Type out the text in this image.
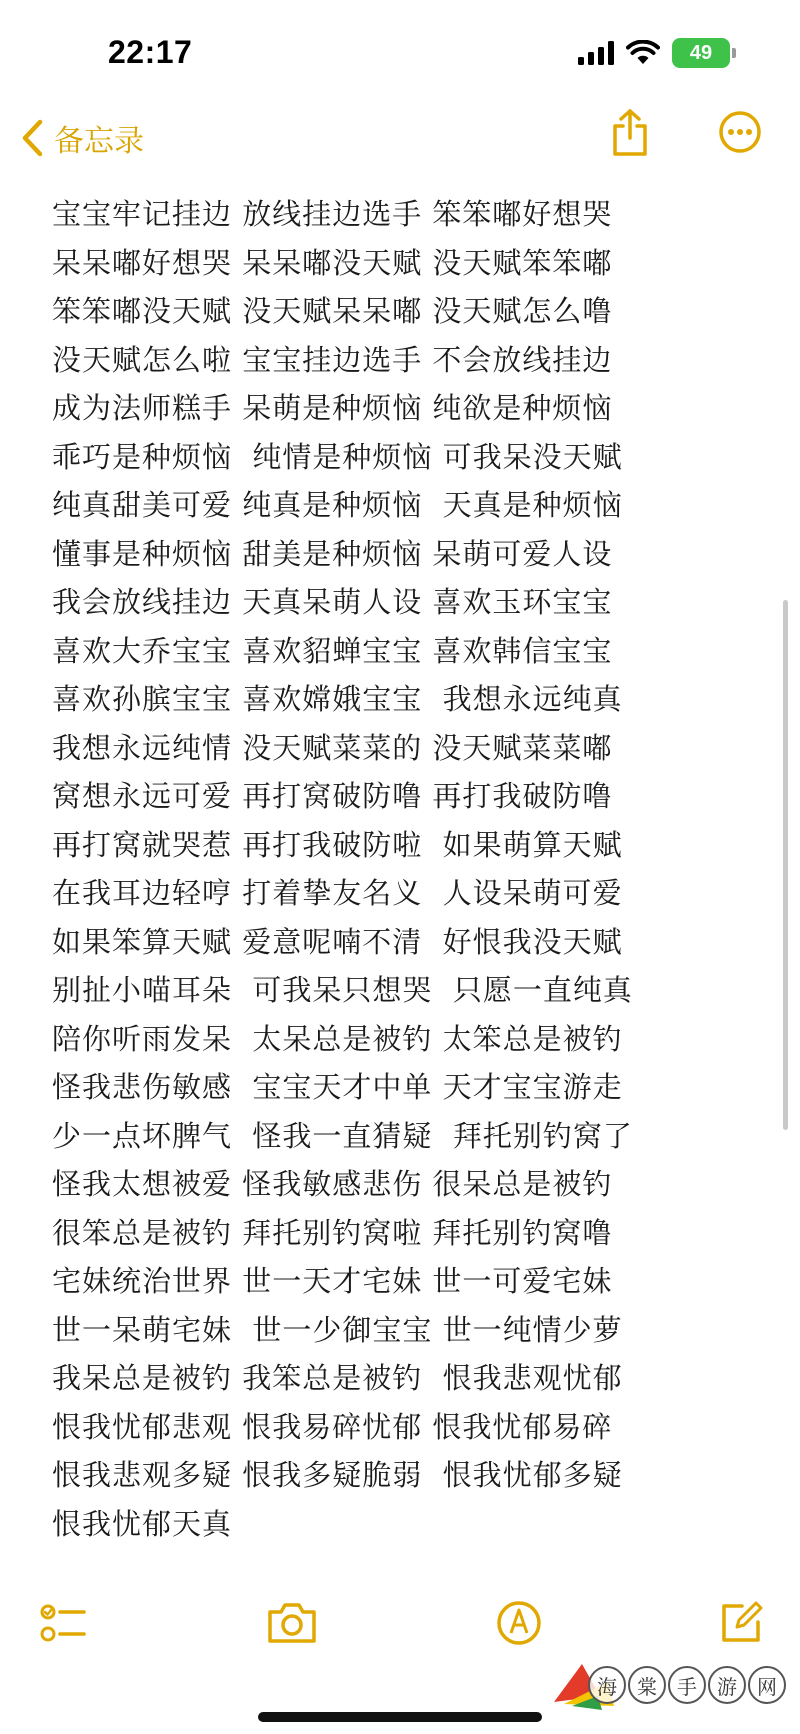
22:17	49
备忘录
宝宝牢记挂边 放线挂边选手 笨笨嘟好想哭
呆呆嘟好想哭 呆呆嘟没天赋 没天赋笨笨嘟
笨笨嘟没天赋 没天赋呆呆嘟 没天赋怎么噜
没天赋怎么啦 宝宝挂边选手 不会放线挂边
成为法师糕手 呆萌是种烦恼 纯欲是种烦恼
乖巧是种烦恼  纯情是种烦恼 可我呆没天赋
纯真甜美可爱 纯真是种烦恼  天真是种烦恼
懂事是种烦恼 甜美是种烦恼 呆萌可爱人设
我会放线挂边 天真呆萌人设 喜欢玉环宝宝
喜欢大乔宝宝 喜欢貂蝉宝宝 喜欢韩信宝宝
喜欢孙膑宝宝 喜欢嫦娥宝宝  我想永远纯真
我想永远纯情 没天赋菜菜的 没天赋菜菜嘟
窝想永远可爱 再打窝破防噜 再打我破防噜
再打窝就哭惹 再打我破防啦  如果萌算天赋
在我耳边轻哼 打着挚友名义  人设呆萌可爱
如果笨算天赋 爱意呢喃不清  好恨我没天赋
别扯小喵耳朵  可我呆只想哭  只愿一直纯真
陪你听雨发呆  太呆总是被钓 太笨总是被钓
怪我悲伤敏感  宝宝天才中单 天才宝宝游走
少一点坏脾气  怪我一直猜疑  拜托别钓窝了
怪我太想被爱 怪我敏感悲伤 很呆总是被钓
很笨总是被钓 拜托别钓窝啦 拜托别钓窝噜
宅妹统治世界 世一天才宅妹 世一可爱宅妹
世一呆萌宅妹  世一少御宝宝 世一纯情少萝
我呆总是被钓 我笨总是被钓  恨我悲观忧郁
恨我忧郁悲观 恨我易碎忧郁 恨我忧郁易碎
恨我悲观多疑 恨我多疑脆弱  恨我忧郁多疑
恨我忧郁天真
海	棠	手	游	网
